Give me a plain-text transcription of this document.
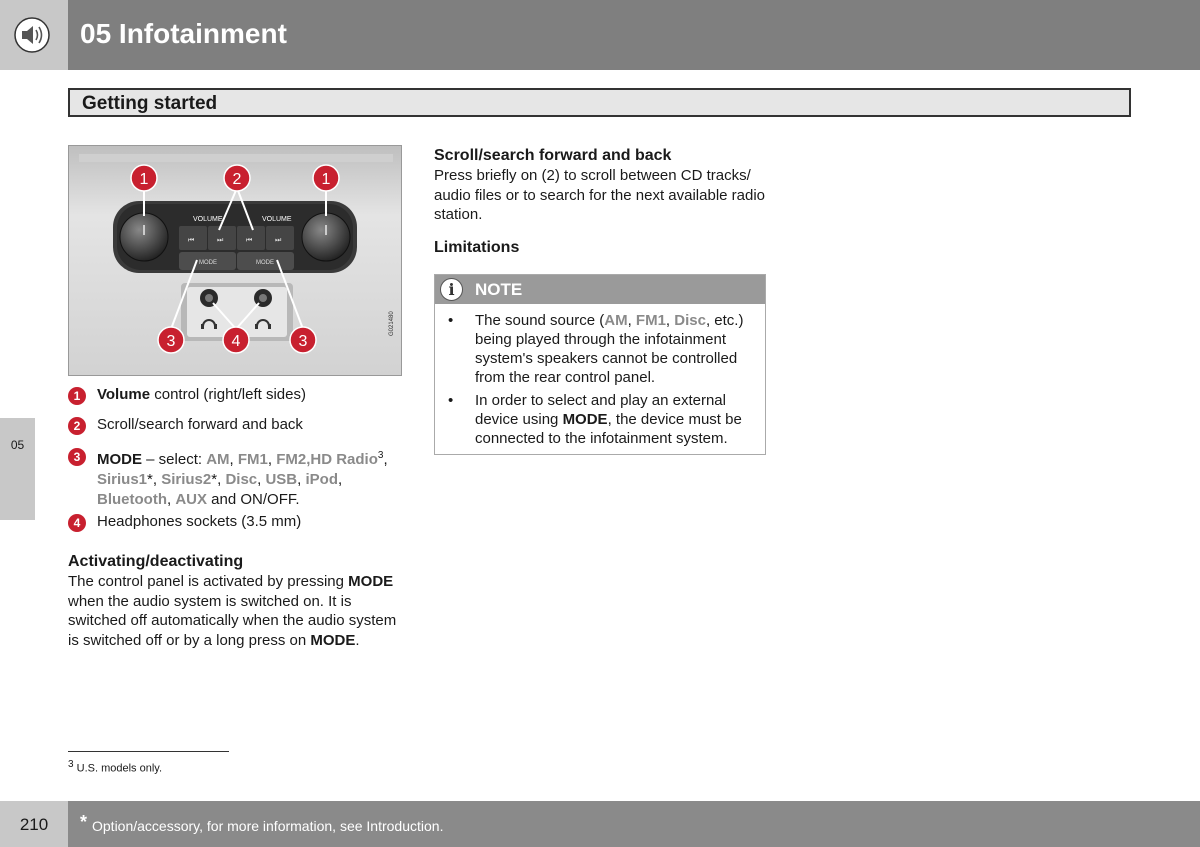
05 Infotainment
Getting started
05
VOLUME	VOLUME
⏮	⏭	⏮	⏭
MODE	MODE
1	2	1
3	4	3
G021480
1	Volume control (right/left sides)
2	Scroll/search forward and back
3	MODE – select: AM, FM1, FM2,HD Radio$^3$, Sirius1*, Sirius2*, Disc, USB, iPod, Bluetooth, AUX and ON/OFF.
4	Headphones sockets (3.5 mm)
Activating/deactivating

The control panel is activated by pressing MODE when the audio system is switched on. It is switched off automatically when the audio system is switched off or by a long press on MODE.

Scroll/search forward and back

Press briefly on (2) to scroll between CD tracks/ audio files or to search for the next available radio station.

Limitations
i	NOTE
• The sound source (AM, FM1, Disc, etc.) being played through the infotainment system's speakers cannot be controlled from the rear control panel.
• In order to select and play an external device using MODE, the device must be connected to the infotainment system.
$^3$ U.S. models only.
210	* Option/accessory, for more information, see Introduction.
